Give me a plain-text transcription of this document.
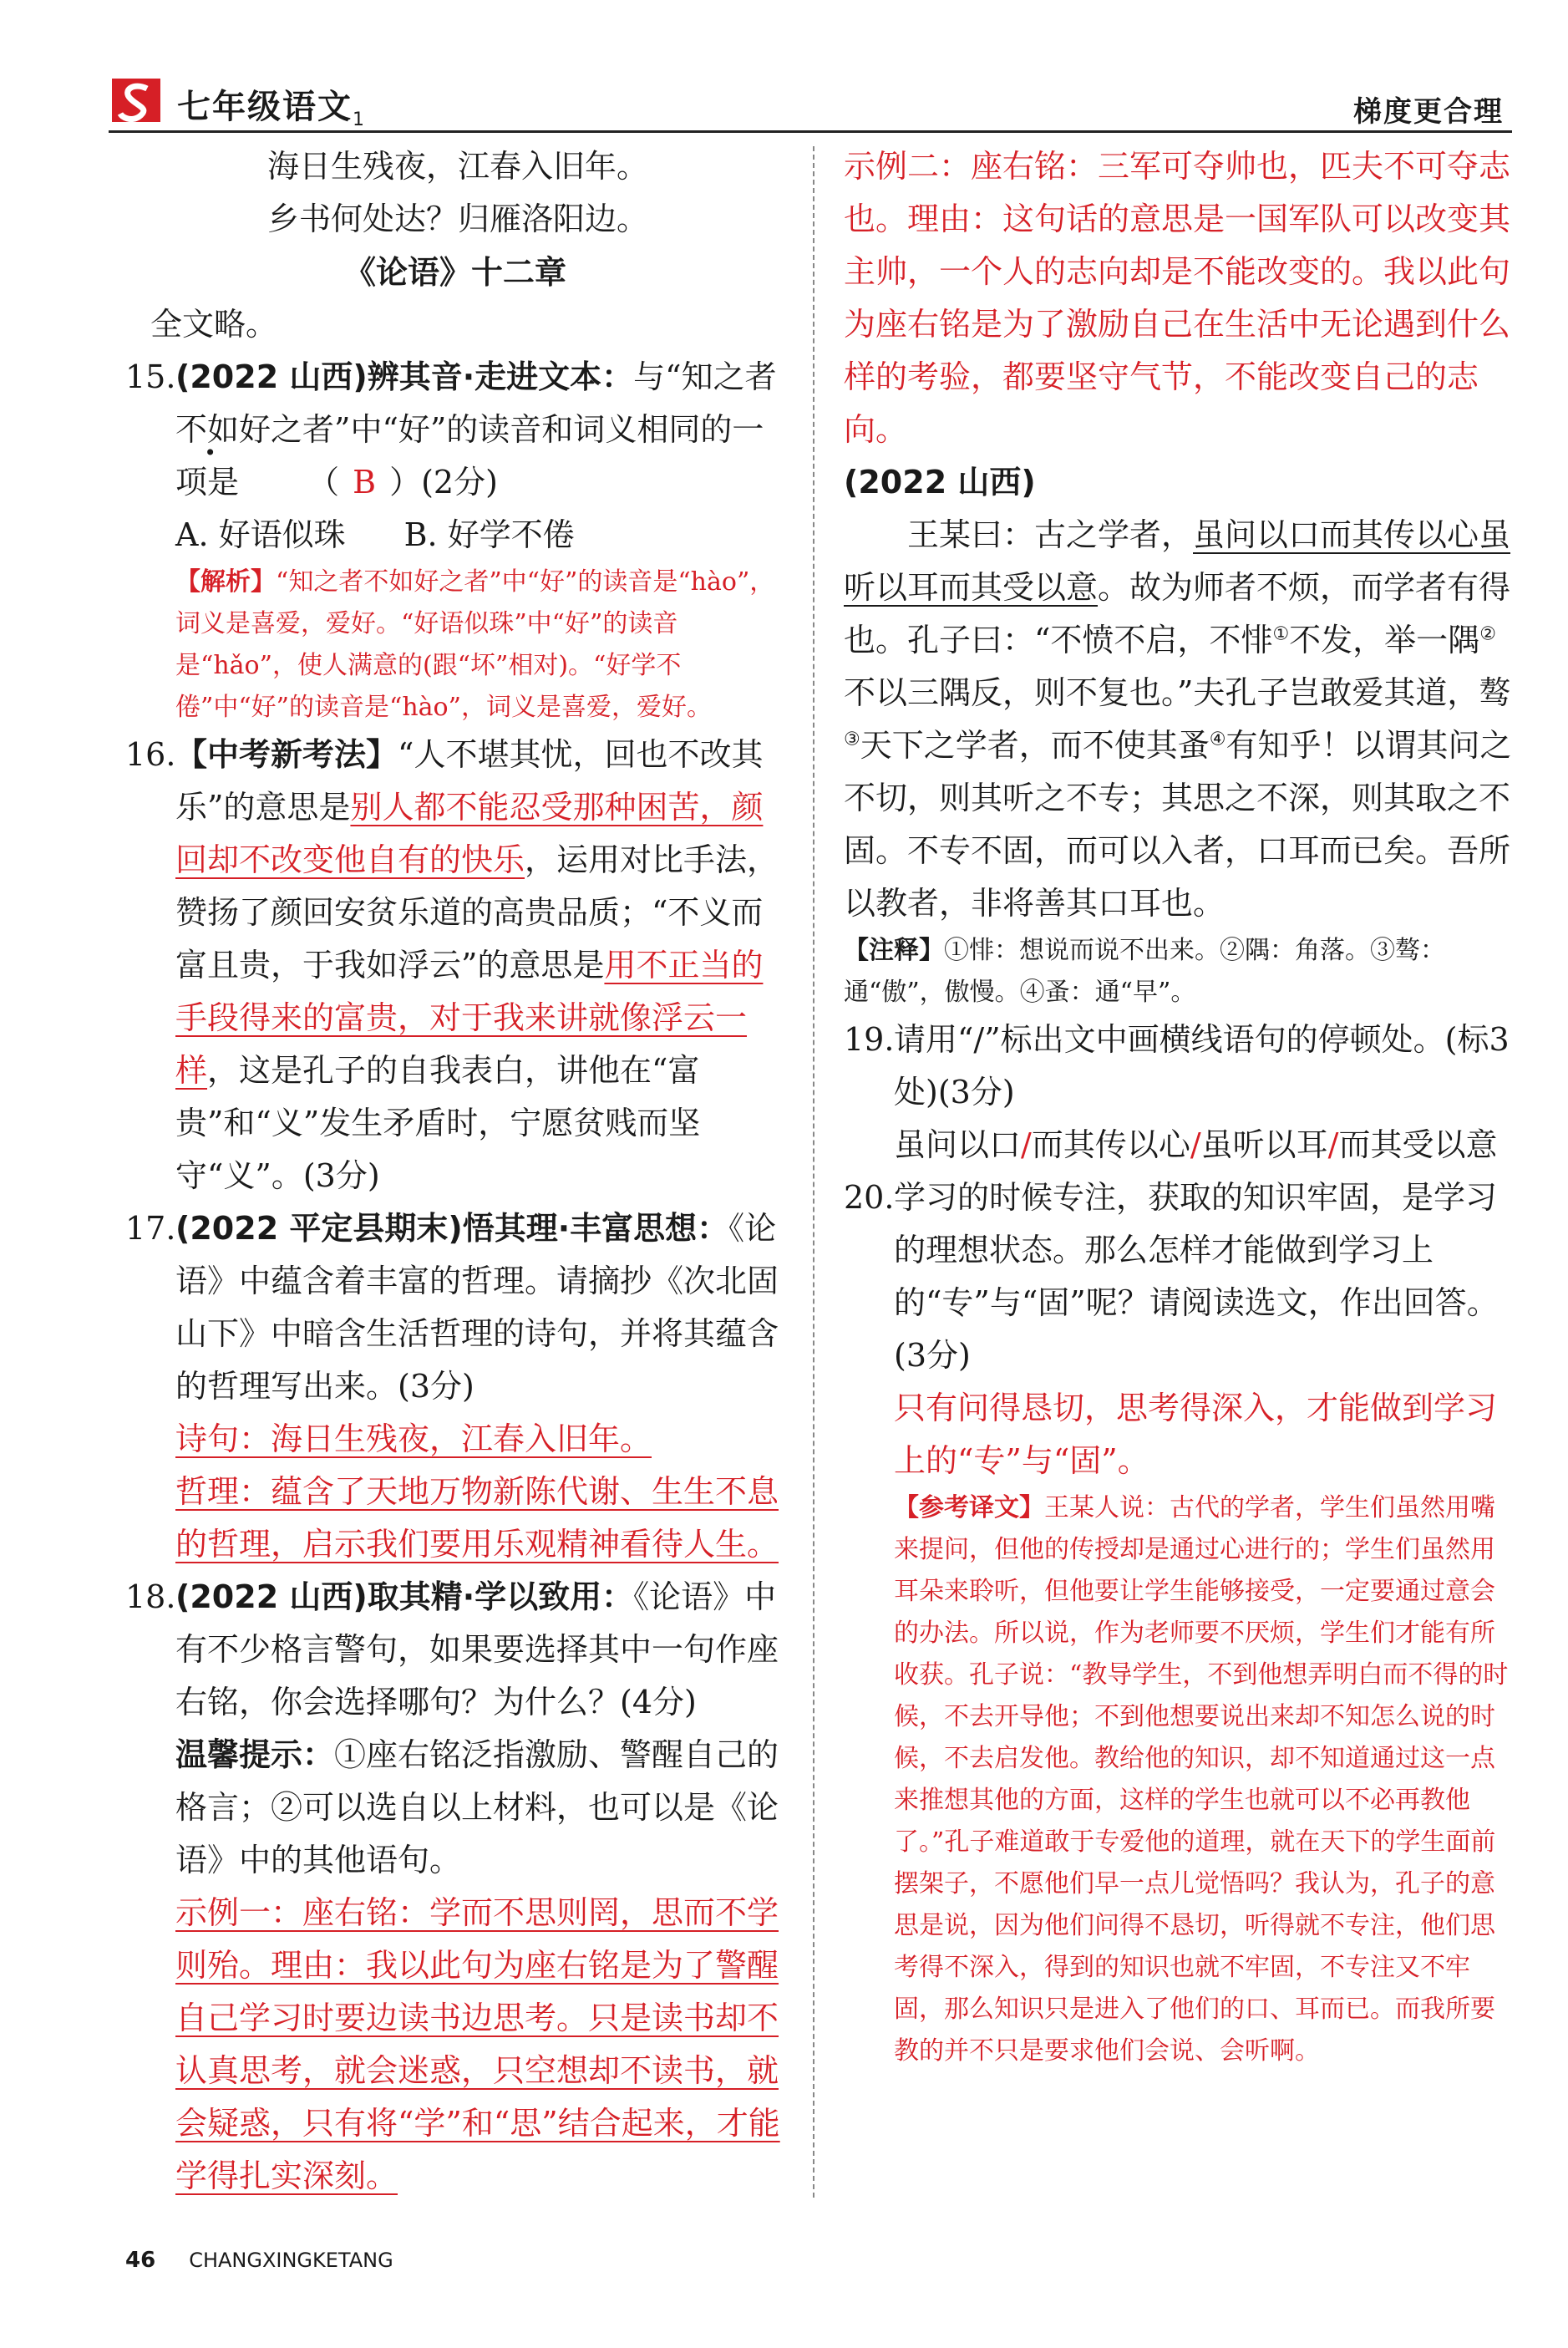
七年级语文$_1$	梯度更合理

海日生残夜，江春入旧年。

乡书何处达？归雁洛阳边。

《论语》十二章

全文略。

15.(2022 山西)辨其音·走进文本：与“知之者不如好之者”中“好”的读音和词义相同的一项是 （ B ）(2分)

A. 好语似珠 B. 好学不倦

【解析】“知之者不如好之者”中“好”的读音是“hào”，词义是喜爱，爱好。“好语似珠”中“好”的读音是“hǎo”，使人满意的(跟“坏”相对)。“好学不倦”中“好”的读音是“hào”，词义是喜爱，爱好。

16.【中考新考法】“人不堪其忧，回也不改其乐”的意思是别人都不能忍受那种困苦，颜回却不改变他自有的快乐，运用对比手法，赞扬了颜回安贫乐道的高贵品质；“不义而富且贵，于我如浮云”的意思是用不正当的手段得来的富贵，对于我来讲就像浮云一样，这是孔子的自我表白，讲他在“富贵”和“义”发生矛盾时，宁愿贫贱而坚守“义”。(3分)
17.(2022 平定县期末)悟其理·丰富思想：《论语》中蕴含着丰富的哲理。请摘抄《次北固山下》中暗含生活哲理的诗句，并将其蕴含的哲理写出来。(3分)

诗句：海日生残夜，江春入旧年。

哲理：蕴含了天地万物新陈代谢、生生不息的哲理，启示我们要用乐观精神看待人生。

18.(2022 山西)取其精·学以致用：《论语》中有不少格言警句，如果要选择其中一句作座右铭，你会选择哪句？为什么？(4分)

温馨提示：①座右铭泛指激励、警醒自己的格言；②可以选自以上材料，也可以是《论语》中的其他语句。

示例一：座右铭：学而不思则罔，思而不学则殆。理由：我以此句为座右铭是为了警醒自己学习时要边读书边思考。只是读书却不认真思考，就会迷惑，只空想却不读书，就会疑惑，只有将“学”和“思”结合起来，才能学得扎实深刻。

示例二：座右铭：三军可夺帅也，匹夫不可夺志也。理由：这句话的意思是一国军队可以改变其主帅，一个人的志向却是不能改变的。我以此句为座右铭是为了激励自己在生活中无论遇到什么样的考验，都要坚守气节，不能改变自己的志向。

(2022 山西)

王某曰：古之学者，虽问以口而其传以心虽听以耳而其受以意。故为师者不烦，而学者有得也。孔子曰：“不愤不启，不悱①不发，举一隅②不以三隅反，则不复也。”夫孔子岂敢爱其道，骜③天下之学者，而不使其蚤④有知乎！以谓其问之不切，则其听之不专；其思之不深，则其取之不固。不专不固，而可以入者，口耳而已矣。吾所以教者，非将善其口耳也。

【注释】①悱：想说而说不出来。②隅：角落。③骜：通“傲”，傲慢。④蚤：通“早”。

19.请用“/”标出文中画横线语句的停顿处。(标3处)(3分)

虽问以口/而其传以心/虽听以耳/而其受以意

20.学习的时候专注，获取的知识牢固，是学习的理想状态。那么怎样才能做到学习上的“专”与“固”呢？请阅读选文，作出回答。(3分)

只有问得恳切，思考得深入，才能做到学习上的“专”与“固”。

【参考译文】王某人说：古代的学者，学生们虽然用嘴来提问，但他的传授却是通过心进行的；学生们虽然用耳朵来聆听，但他要让学生能够接受，一定要通过意会的办法。所以说，作为老师要不厌烦，学生们才能有所收获。孔子说：“教导学生，不到他想弄明白而不得的时候，不去开导他；不到他想要说出来却不知怎么说的时候，不去启发他。教给他的知识，却不知道通过这一点来推想其他的方面，这样的学生也就可以不必再教他了。”孔子难道敢于专爱他的道理，就在天下的学生面前摆架子，不愿他们早一点儿觉悟吗？我认为，孔子的意思是说，因为他们问得不恳切，听得就不专注，他们思考得不深入，得到的知识也就不牢固，不专注又不牢固，那么知识只是进入了他们的口、耳而已。而我所要教的并不只是要求他们会说、会听啊。

46 CHANGXINGKETANG
